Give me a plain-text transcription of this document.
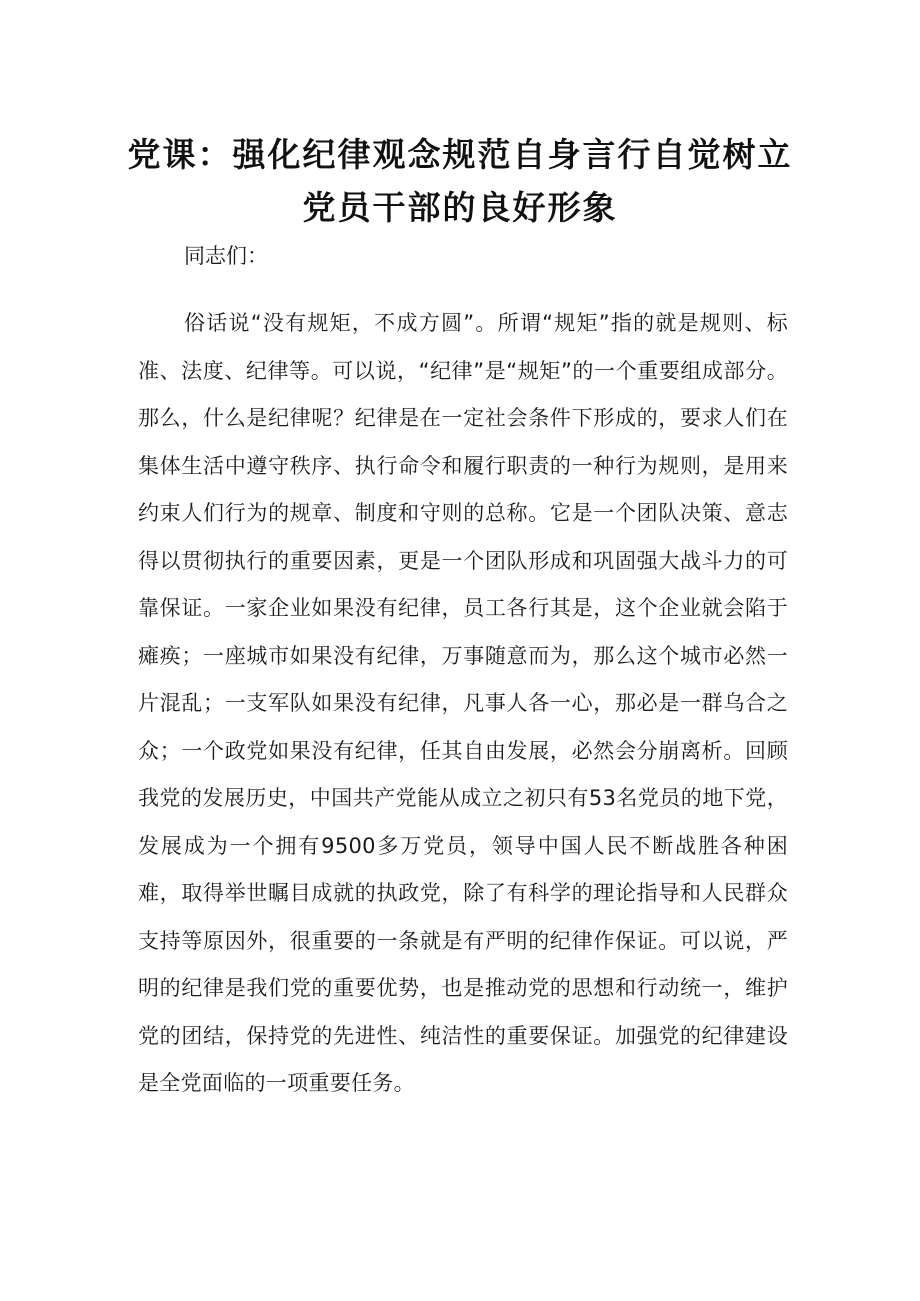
党课：强化纪律观念规范自身言行自觉树立党员干部的良好形象

同志们：

俗话说“没有规矩，不成方圆”。所谓“规矩”指的就是规则、标准、法度、纪律等。可以说，“纪律”是“规矩”的一个重要组成部分。那么，什么是纪律呢？纪律是在一定社会条件下形成的，要求人们在集体生活中遵守秩序、执行命令和履行职责的一种行为规则，是用来约束人们行为的规章、制度和守则的总称。它是一个团队决策、意志得以贯彻执行的重要因素，更是一个团队形成和巩固强大战斗力的可靠保证。一家企业如果没有纪律，员工各行其是，这个企业就会陷于瘫痪；一座城市如果没有纪律，万事随意而为，那么这个城市必然一片混乱；一支军队如果没有纪律，凡事人各一心，那必是一群乌合之众；一个政党如果没有纪律，任其自由发展，必然会分崩离析。回顾我党的发展历史，中国共产党能从成立之初只有53名党员的地下党，发展成为一个拥有9500多万党员，领导中国人民不断战胜各种困难，取得举世瞩目成就的执政党，除了有科学的理论指导和人民群众支持等原因外，很重要的一条就是有严明的纪律作保证。可以说，严明的纪律是我们党的重要优势，也是推动党的思想和行动统一，维护党的团结，保持党的先进性、纯洁性的重要保证。加强党的纪律建设是全党面临的一项重要任务。
